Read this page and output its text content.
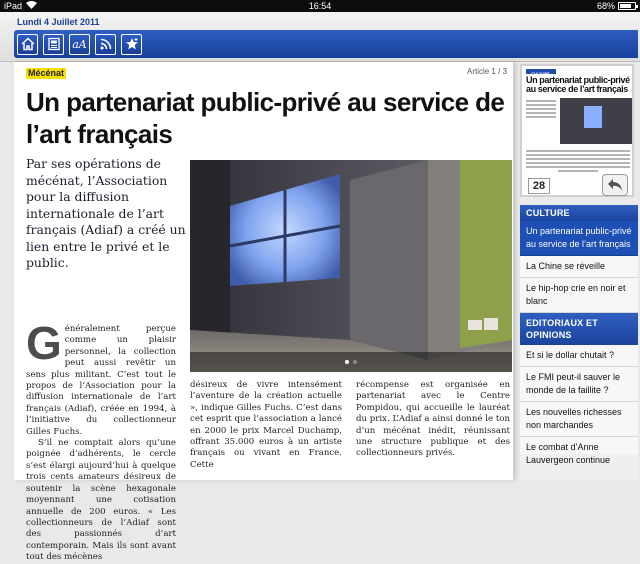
iPad	16:54	68%
Lundi 4 Juillet 2011
aA
Mécénat	Article 1 / 3
Un partenariat public-privé au service de l’art français
Par ses opérations de mécénat, l’Association pour la diffusion internationale de l’art français (Adiaf) a créé un lien entre le privé et le public.

Généralement perçue comme un plaisir personnel, la collection peut aussi revêtir un sens plus militant. C’est tout le propos de l’Association pour la diffusion internationale de l’art français (Adiaf), créée en 1994, à l’initiative du collectionneur Gilles Fuchs.

S’il ne comptait alors qu’une poignée d’adhérents, le cercle s’est élargi aujourd’hui à quelque trois cents amateurs désireux de soutenir la scène hexagonale moyennant une cotisation annuelle de 200 euros. « Les collectionneurs de l’Adiaf sont des passionnés d’art contemporain. Mais ils sont avant tout des mécènes

désireux de vivre intensément l’aventure de la création actuelle », indique Gilles Fuchs. C’est dans cet esprit que l’association a lancé en 2000 le prix Marcel Duchamp, offrant 35.000 euros à un artiste français ou vivant en France. Cette

récompense est organisée en partenariat avec le Centre Pompidou, qui accueille le lauréat du prix. L’Adiaf a ainsi donné le ton d’un mécénat inédit, réunissant une structure publique et des collectionneurs privés.

CULTURE
Un partenariat public-privé au service de l’art français
28
CULTURE
Un partenariat public-privé au service de l’art français
La Chine se réveille
Le hip-hop crie en noir et blanc
EDITORIAUX ET OPINIONS
Et si le dollar chutait ?
Le FMI peut-il sauver le monde de la faillite ?
Les nouvelles richesses non marchandes
Le combat d’Anne Lauvergeon continue
